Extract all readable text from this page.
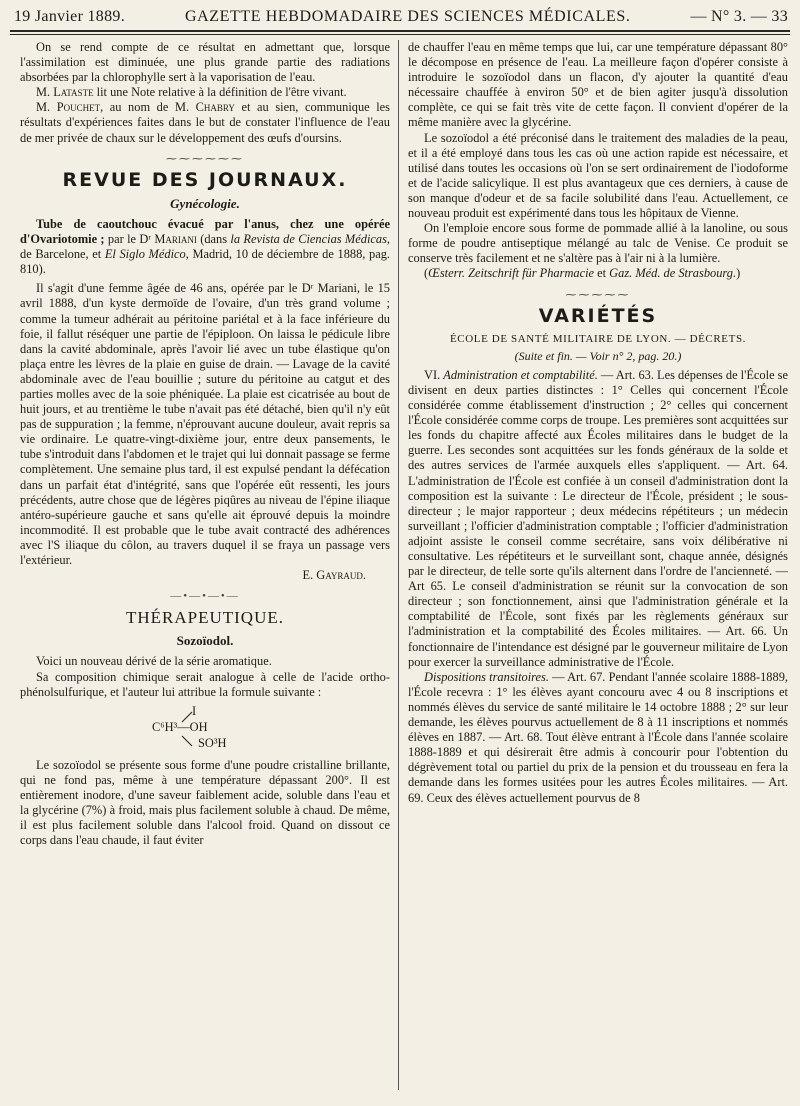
19 Janvier 1889.	GAZETTE HEBDOMADAIRE DES SCIENCES MÉDICALES.	— N° 3. — 33

On se rend compte de ce résultat en admettant que, lorsque l'assimilation est diminuée, une plus grande partie des radiations absorbées par la chlorophylle sert à la vaporisation de l'eau.

M. Lataste lit une Note relative à la définition de l'être vivant.

M. Pouchet, au nom de M. Chabry et au sien, communique les résultats d'expériences faites dans le but de constater l'influence de l'eau de mer privée de chaux sur le développement des œufs d'oursins.

⁓⁓⁓⁓⁓⁓
REVUE DES JOURNAUX.
Gynécologie.

Tube de caoutchouc évacué par l'anus, chez une opérée d'Ovariotomie ; par le Dʳ Mariani (dans la Revista de Ciencias Médicas, de Barcelone, et El Siglo Médico, Madrid, 10 de déciembre de 1888, pag. 810).

Il s'agit d'une femme âgée de 46 ans, opérée par le Dʳ Mariani, le 15 avril 1888, d'un kyste dermoïde de l'ovaire, d'un très grand volume ; comme la tumeur adhérait au péritoine pariétal et à la face inférieure du foie, il fallut réséquer une partie de l'épiploon. On laissa le pédicule libre dans la cavité abdominale, après l'avoir lié avec un tube élastique qu'on plaça entre les lèvres de la plaie en guise de drain. — Lavage de la cavité abdominale avec de l'eau bouillie ; suture du péritoine au catgut et des parties molles avec de la soie phéniquée. La plaie est cicatrisée au bout de huit jours, et au trentième le tube n'avait pas été détaché, bien qu'il n'y eût pas de suppuration ; la femme, n'éprouvant aucune douleur, avait repris sa vie ordinaire. Le quatre-vingt-dixième jour, entre deux pansements, le tube s'introduit dans l'abdomen et le trajet qui lui donnait passage se ferme complètement. Une semaine plus tard, il est expulsé pendant la défécation dans un parfait état d'intégrité, sans que l'opérée eût ressenti, les jours précédents, autre chose que de légères piqûres au niveau de l'épine iliaque antéro-supérieure gauche et sans qu'elle ait éprouvé depuis la moindre incommodité. Il est probable que le tube avait contracté des adhérences avec l'S iliaque du côlon, au travers duquel il se fraya un passage vers l'extérieur.

E. Gayraud.
—•—•—•—
THÉRAPEUTIQUE.
Sozoïodol.

Voici un nouveau dérivé de la série aromatique.

Sa composition chimique serait analogue à celle de l'acide ortho-phénolsulfurique, et l'auteur lui attribue la formule suivante :

I
C⁶H³—OH
SO³H

Le sozoïodol se présente sous forme d'une poudre cristalline brillante, qui ne fond pas, même à une température dépassant 200°. Il est entièrement inodore, d'une saveur faiblement acide, soluble dans l'eau et la glycérine (7%) à froid, mais plus facilement soluble à chaud. De même, il est plus facilement soluble dans l'alcool froid. Quand on dissout ce corps dans l'eau chaude, il faut éviter

de chauffer l'eau en même temps que lui, car une température dépassant 80° le décompose en présence de l'eau. La meilleure façon d'opérer consiste à introduire le sozoïodol dans un flacon, d'y ajouter la quantité d'eau nécessaire chauffée à environ 50° et de bien agiter jusqu'à dissolution complète, ce qui se fait très vite de cette façon. Il convient d'opérer de la même manière avec la glycérine.

Le sozoïodol a été préconisé dans le traitement des maladies de la peau, et il a été employé dans tous les cas où une action rapide est nécessaire, et utilisé dans toutes les occasions où l'on se sert ordinairement de l'iodoforme et de l'acide salicylique. Il est plus avantageux que ces derniers, à cause de son manque d'odeur et de sa facile solubilité dans l'eau. Actuellement, ce nouveau produit est expérimenté dans tous les hôpitaux de Vienne.

On l'emploie encore sous forme de pommade allié à la lanoline, ou sous forme de poudre antiseptique mélangé au talc de Venise. Ce produit se conserve très facilement et ne s'altère pas à l'air ni à la lumière.

(Œsterr. Zeitschrift für Pharmacie et Gaz. Méd. de Strasbourg.)

⁓⁓⁓⁓⁓
VARIÉTÉS
ÉCOLE DE SANTÉ MILITAIRE DE LYON. — DÉCRETS.
(Suite et fin. — Voir n° 2, pag. 20.)

VI. Administration et comptabilité. — Art. 63. Les dépenses de l'École se divisent en deux parties distinctes : 1° Celles qui concernent l'École considérée comme établissement d'instruction ; 2° celles qui concernent l'École considérée comme corps de troupe. Les premières sont acquittées sur les fonds du chapitre affecté aux Écoles militaires dans le budget de la guerre. Les secondes sont acquittées sur les fonds généraux de la solde et des autres services de l'armée auxquels elles s'appliquent. — Art. 64. L'administration de l'École est confiée à un conseil d'administration dont la composition est la suivante : Le directeur de l'École, président ; le sous-directeur ; le major rapporteur ; deux médecins répétiteurs ; un médecin surveillant ; l'officier d'administration comptable ; l'officier d'administration adjoint assiste le conseil comme secrétaire, sans voix délibérative ni consultative. Les répétiteurs et le surveillant sont, chaque année, désignés par le directeur, de telle sorte qu'ils alternent dans l'ordre de l'ancienneté. — Art 65. Le conseil d'administration se réunit sur la convocation de son directeur ; son fonctionnement, ainsi que l'administration générale et la comptabilité de l'École, sont fixés par les règlements généraux sur l'administration et la comptabilité des Écoles militaires. — Art. 66. Un fonctionnaire de l'intendance est désigné par le gouverneur militaire de Lyon pour exercer la surveillance administrative de l'École.

Dispositions transitoires. — Art. 67. Pendant l'année scolaire 1888-1889, l'École recevra : 1° les élèves ayant concouru avec 4 ou 8 inscriptions et nommés élèves du service de santé militaire le 14 octobre 1888 ; 2° sur leur demande, les élèves pourvus actuellement de 8 à 11 inscriptions et nommés élèves en 1887. — Art. 68. Tout élève entrant à l'École dans l'année scolaire 1888-1889 et qui désirerait être admis à concourir pour l'obtention du dégrèvement total ou partiel du prix de la pension et du trousseau en fera la demande dans les formes usitées pour les autres Écoles militaires. — Art. 69. Ceux des élèves actuellement pourvus de 8
